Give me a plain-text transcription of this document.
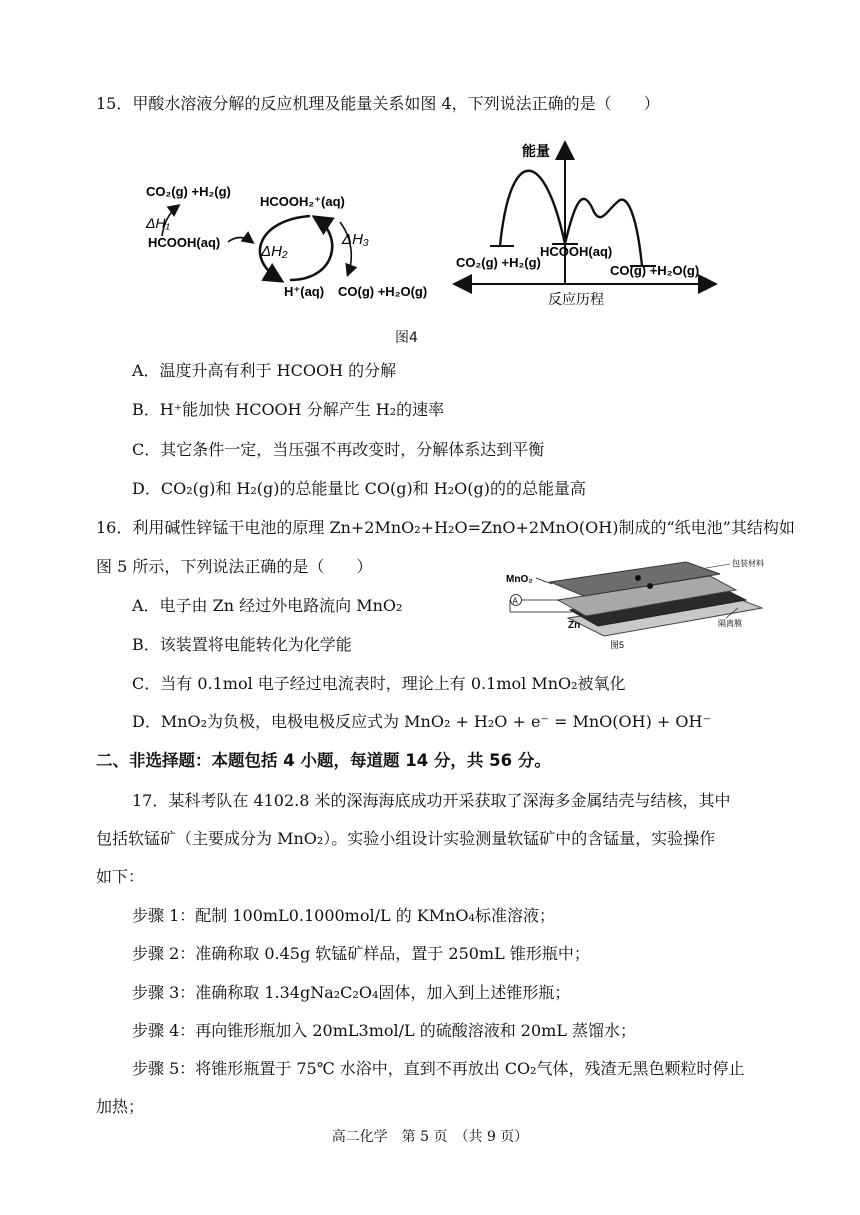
15．甲酸水溶液分解的反应机理及能量关系如图 4，下列说法正确的是（　　）
CO₂(g) +H₂(g)
ΔH₁
HCOOH(aq)
HCOOH₂⁺(aq)
ΔH₂
ΔH₃
H⁺(aq) CO(g) +H₂O(g)
能量
反应历程
CO₂(g) +H₂(g)
HCOOH(aq)
CO(g) +H₂O(g)
图4
A．温度升高有利于 HCOOH 的分解
B．H⁺能加快 HCOOH 分解产生 H₂的速率
C．其它条件一定，当压强不再改变时，分解体系达到平衡
D．CO₂(g)和 H₂(g)的总能量比 CO(g)和 H₂O(g)的的总能量高
16．利用碱性锌锰干电池的原理 Zn+2MnO₂+H₂O=ZnO+2MnO(OH)制成的“纸电池”其结构如
图 5 所示，下列说法正确的是（　　）
MnO₂
A
Zn
包装材料
隔离膜
图5
A．电子由 Zn 经过外电路流向 MnO₂
B．该装置将电能转化为化学能
C．当有 0.1mol 电子经过电流表时，理论上有 0.1mol MnO₂被氧化
D．MnO₂为负极，电极电极反应式为 MnO₂ + H₂O + e⁻ = MnO(OH) + OH⁻
二、非选择题：本题包括 4 小题，每道题 14 分，共 56 分。
17．某科考队在 4102.8 米的深海海底成功开采获取了深海多金属结壳与结核，其中
包括软锰矿（主要成分为 MnO₂）。实验小组设计实验测量软锰矿中的含锰量，实验操作
如下：
步骤 1：配制 100mL0.1000mol/L 的 KMnO₄标准溶液；
步骤 2：准确称取 0.45g 软锰矿样品，置于 250mL 锥形瓶中；
步骤 3：准确称取 1.34gNa₂C₂O₄固体，加入到上述锥形瓶；
步骤 4：再向锥形瓶加入 20mL3mol/L 的硫酸溶液和 20mL 蒸馏水；
步骤 5：将锥形瓶置于 75℃ 水浴中，直到不再放出 CO₂气体，残渣无黑色颗粒时停止
加热；
高二化学　第 5 页　（共 9 页）
